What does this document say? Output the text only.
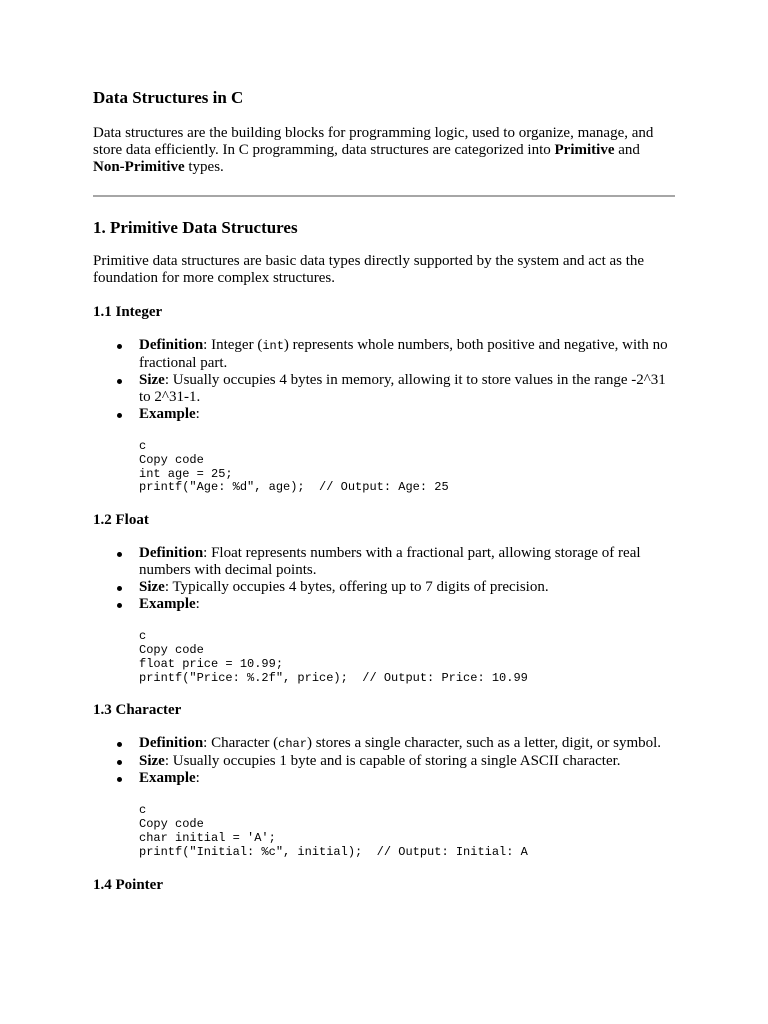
Data Structures in C

Data structures are the building blocks for programming logic, used to organize, manage, and store data efficiently. In C programming, data structures are categorized into Primitive and Non-Primitive types.

1. Primitive Data Structures

Primitive data structures are basic data types directly supported by the system and act as the foundation for more complex structures.

1.1 Integer
Definition: Integer (int) represents whole numbers, both positive and negative, with no fractional part.
Size: Usually occupies 4 bytes in memory, allowing it to store values in the range -2^31 to 2^31-1.
Example:
c
Copy code
int age = 25;
printf("Age: %d", age);  // Output: Age: 25
1.2 Float
Definition: Float represents numbers with a fractional part, allowing storage of real numbers with decimal points.
Size: Typically occupies 4 bytes, offering up to 7 digits of precision.
Example:
c
Copy code
float price = 10.99;
printf("Price: %.2f", price);  // Output: Price: 10.99
1.3 Character
Definition: Character (char) stores a single character, such as a letter, digit, or symbol.
Size: Usually occupies 1 byte and is capable of storing a single ASCII character.
Example:
c
Copy code
char initial = 'A';
printf("Initial: %c", initial);  // Output: Initial: A
1.4 Pointer
